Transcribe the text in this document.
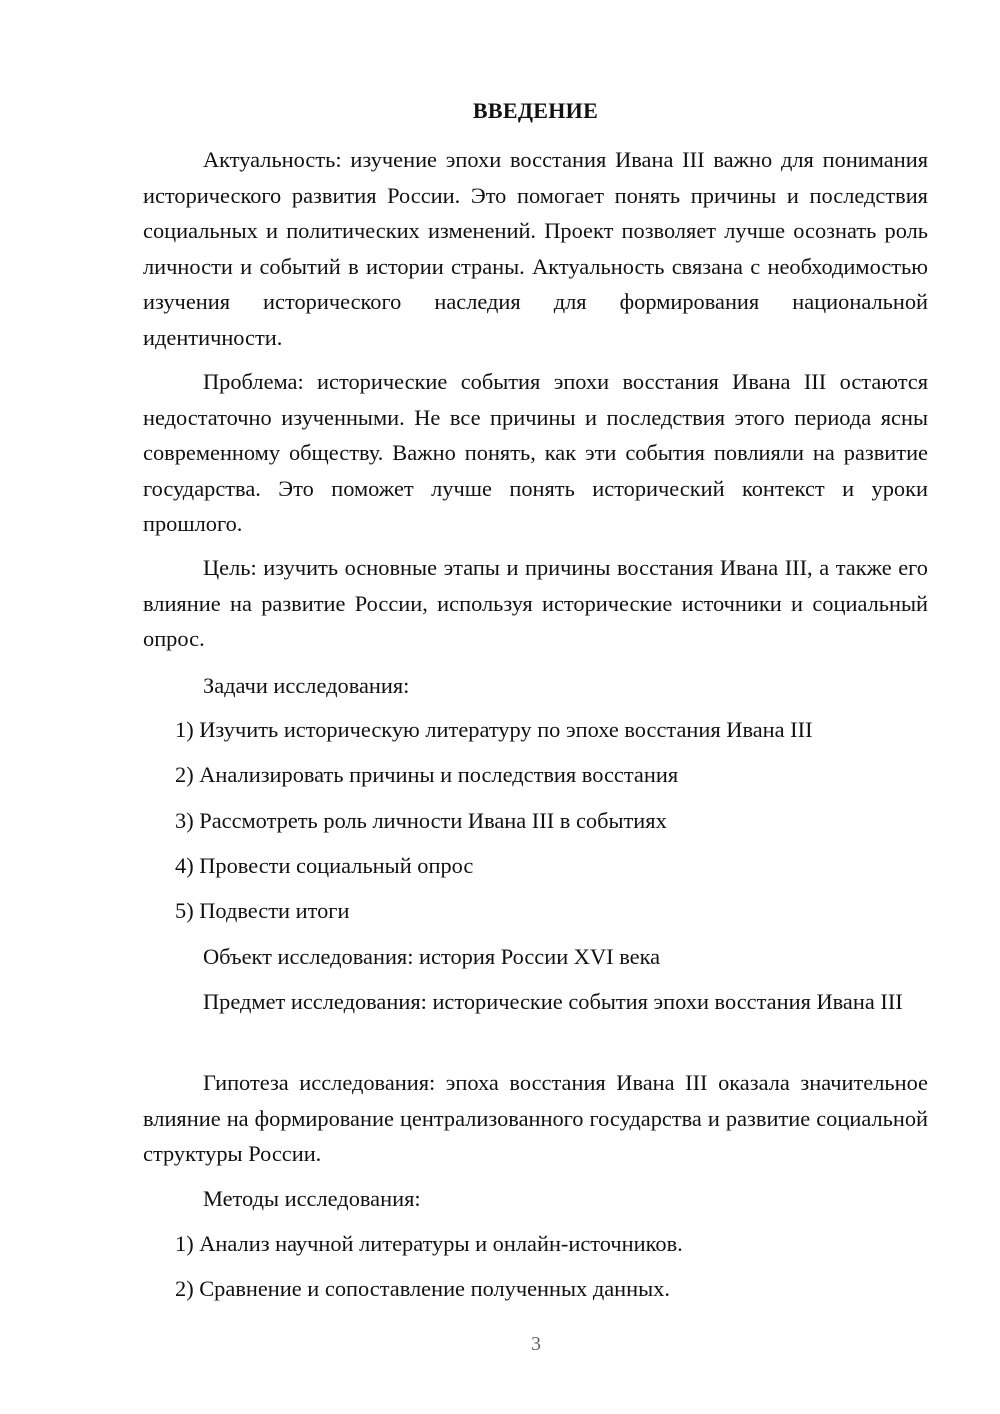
ВВЕДЕНИЕ

Актуальность: изучение эпохи восстания Ивана III важно для понимания исторического развития России. Это помогает понять причины и последствия социальных и политических изменений. Проект позволяет лучше осознать роль личности и событий в истории страны. Актуальность связана с необходимостью изучения исторического наследия для формирования национальной идентичности.

Проблема: исторические события эпохи восстания Ивана III остаются недостаточно изученными. Не все причины и последствия этого периода ясны современному обществу. Важно понять, как эти события повлияли на развитие государства. Это поможет лучше понять исторический контекст и уроки прошлого.

Цель: изучить основные этапы и причины восстания Ивана III, а также его влияние на развитие России, используя исторические источники и социальный опрос.

Задачи исследования:
1) Изучить историческую литературу по эпохе восстания Ивана III
2) Анализировать причины и последствия восстания
3) Рассмотреть роль личности Ивана III в событиях
4) Провести социальный опрос
5) Подвести итоги
Объект исследования: история России XVI века

Предмет исследования: исторические события эпохи восстания Ивана III

Гипотеза исследования: эпоха восстания Ивана III оказала значительное влияние на формирование централизованного государства и развитие социальной структуры России.

Методы исследования:
1) Анализ научной литературы и онлайн-источников.
2) Сравнение и сопоставление полученных данных.
3
